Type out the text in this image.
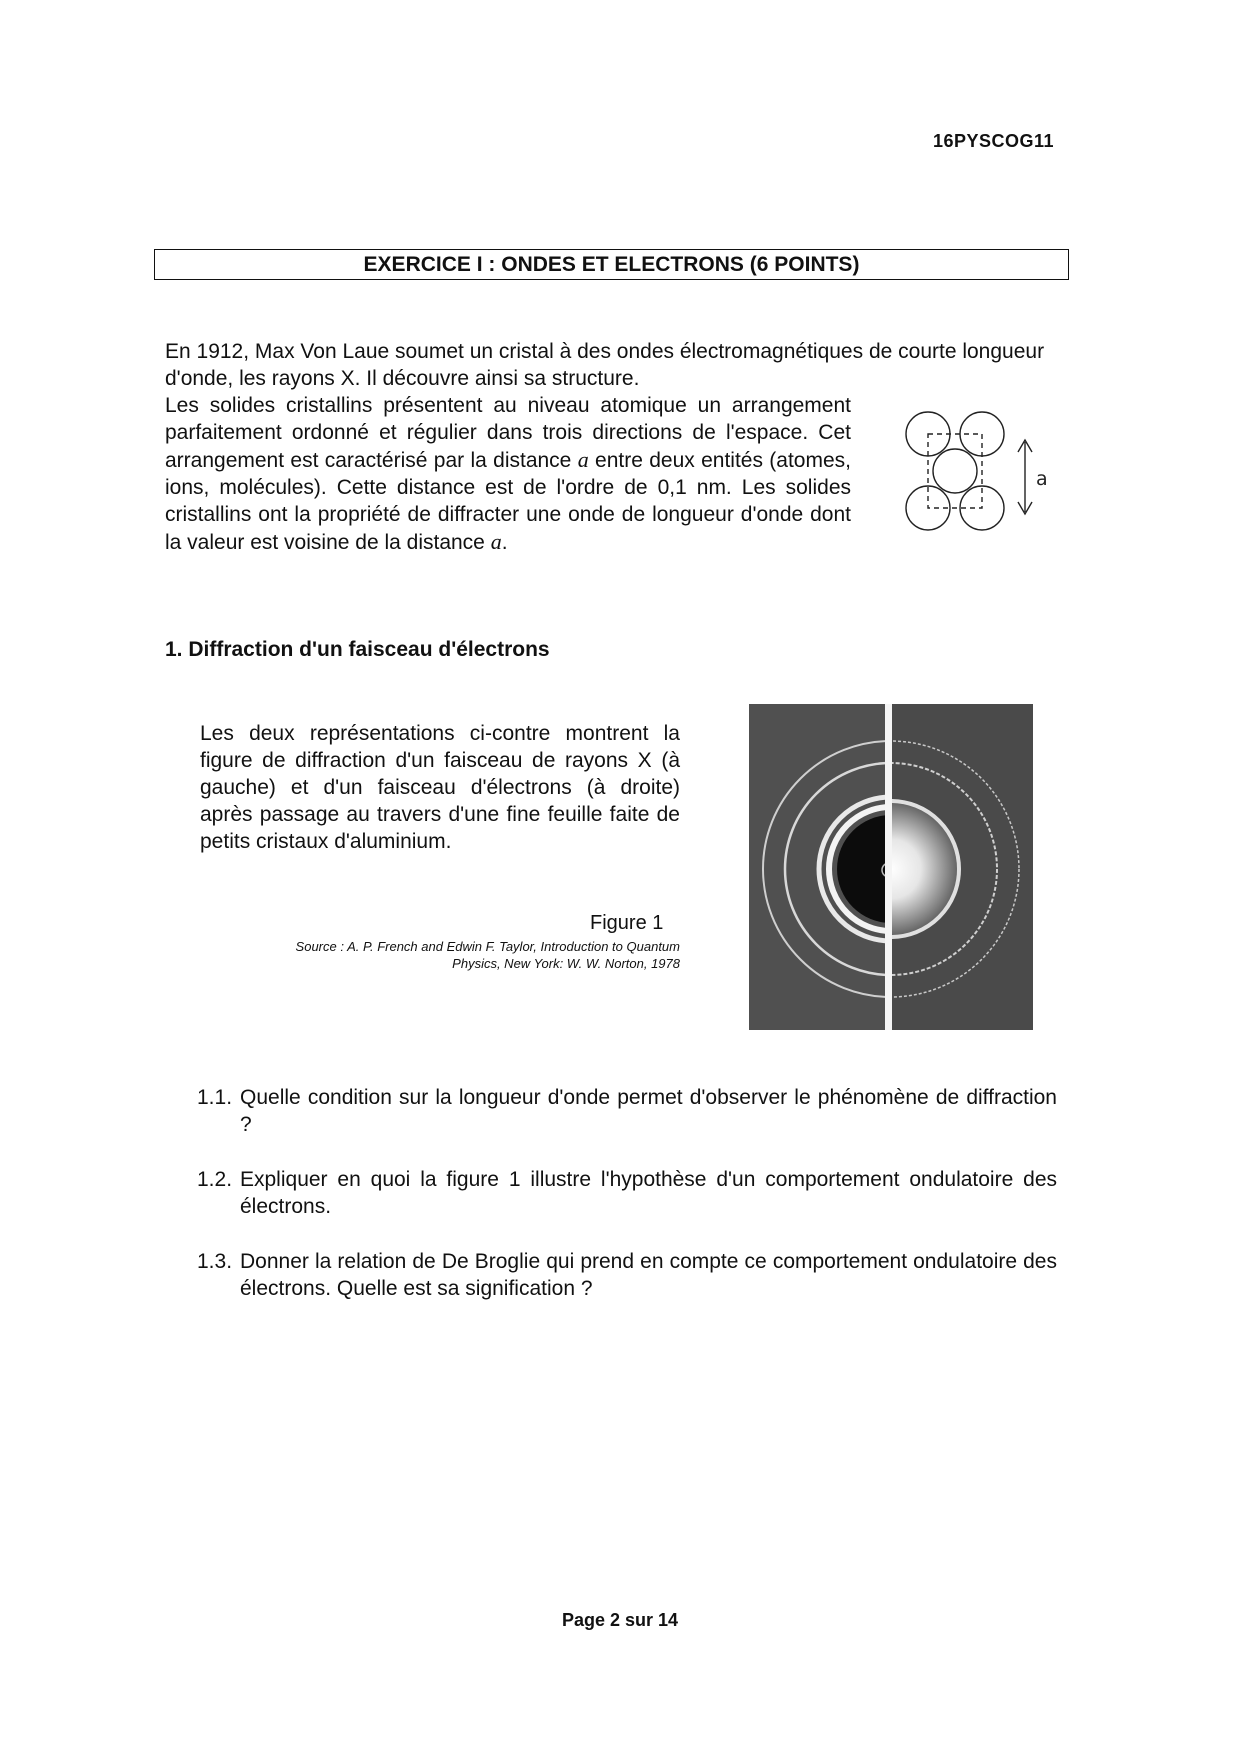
16PYSCOG11
EXERCICE I : ONDES ET ELECTRONS (6 POINTS)
En 1912, Max Von Laue soumet un cristal à des ondes électromagnétiques de courte longueur d'onde, les rayons X. Il découvre ainsi sa structure.
Les solides cristallins présentent au niveau atomique un arrangement parfaitement ordonné et régulier dans trois directions de l'espace. Cet arrangement est caractérisé par la distance a entre deux entités (atomes, ions, molécules). Cette distance est de l'ordre de 0,1 nm. Les solides cristallins ont la propriété de diffracter une onde de longueur d'onde dont la valeur est voisine de la distance a.
a
1. Diffraction d'un faisceau d'électrons
Les deux représentations ci-contre montrent la figure de diffraction d'un faisceau de rayons X (à gauche) et d'un faisceau d'électrons (à droite) après passage au travers d'une fine feuille faite de petits cristaux d'aluminium.
Figure 1
Source : A. P. French and Edwin F. Taylor, Introduction to Quantum
Physics, New York: W. W. Norton, 1978
1.1. Quelle condition sur la longueur d'onde permet d'observer le phénomène de diffraction ?
1.2. Expliquer en quoi la figure 1 illustre l'hypothèse d'un comportement ondulatoire des électrons.
1.3. Donner la relation de De Broglie qui prend en compte ce comportement ondulatoire des électrons. Quelle est sa signification ?
Page 2 sur 14
